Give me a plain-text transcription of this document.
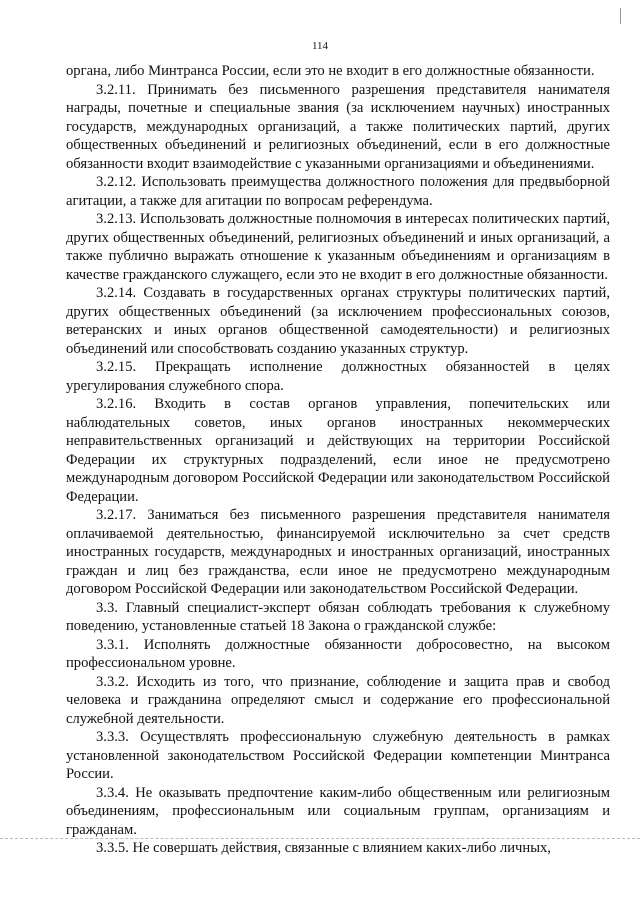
114

органа, либо Минтранса России, если это не входит в его должностные обязанности.

3.2.11. Принимать без письменного разрешения представителя нанимателя награды, почетные и специальные звания (за исключением научных) иностранных государств, международных организаций, а также политических партий, других общественных объединений и религиозных объединений, если в его должностные обязанности входит взаимодействие с указанными организациями и объединениями.

3.2.12. Использовать преимущества должностного положения для предвыборной агитации, а также для агитации по вопросам референдума.

3.2.13. Использовать должностные полномочия в интересах политических партий, других общественных объединений, религиозных объединений и иных организаций, а также публично выражать отношение к указанным объединениям и организациям в качестве гражданского служащего, если это не входит в его должностные обязанности.

3.2.14. Создавать в государственных органах структуры политических партий, других общественных объединений (за исключением профессиональных союзов, ветеранских и иных органов общественной самодеятельности) и религиозных объединений или способствовать созданию указанных структур.

3.2.15. Прекращать исполнение должностных обязанностей в целях урегулирования служебного спора.

3.2.16. Входить в состав органов управления, попечительских или наблюдательных советов, иных органов иностранных некоммерческих неправительственных организаций и действующих на территории Российской Федерации их структурных подразделений, если иное не предусмотрено международным договором Российской Федерации или законодательством Российской Федерации.

3.2.17. Заниматься без письменного разрешения представителя нанимателя оплачиваемой деятельностью, финансируемой исключительно за счет средств иностранных государств, международных и иностранных организаций, иностранных граждан и лиц без гражданства, если иное не предусмотрено международным договором Российской Федерации или законодательством Российской Федерации.

3.3. Главный специалист-эксперт обязан соблюдать требования к служебному поведению, установленные статьей 18 Закона о гражданской службе:

3.3.1. Исполнять должностные обязанности добросовестно, на высоком профессиональном уровне.

3.3.2. Исходить из того, что признание, соблюдение и защита прав и свобод человека и гражданина определяют смысл и содержание его профессиональной служебной деятельности.

3.3.3. Осуществлять профессиональную служебную деятельность в рамках установленной законодательством Российской Федерации компетенции Минтранса России.

3.3.4. Не оказывать предпочтение каким-либо общественным или религиозным объединениям, профессиональным или социальным группам, организациям и гражданам.

3.3.5. Не совершать действия, связанные с влиянием каких-либо личных,
